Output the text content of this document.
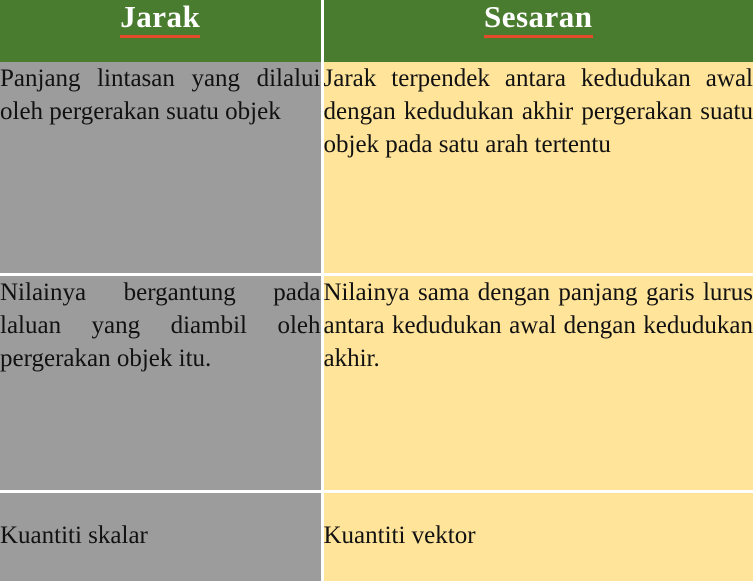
Jarak	Sesaran

Panjang lintasan yang dilalui oleh pergerakan suatu objek	Jarak terpendek antara kedudukan awal dengan kedudukan akhir pergerakan suatu objek pada satu arah tertentu

Nilainya bergantung pada laluan yang diambil oleh pergerakan objek itu.	Nilainya sama dengan panjang garis lurus antara kedudukan awal dengan kedudukan akhir.

Kuantiti skalar	Kuantiti vektor
